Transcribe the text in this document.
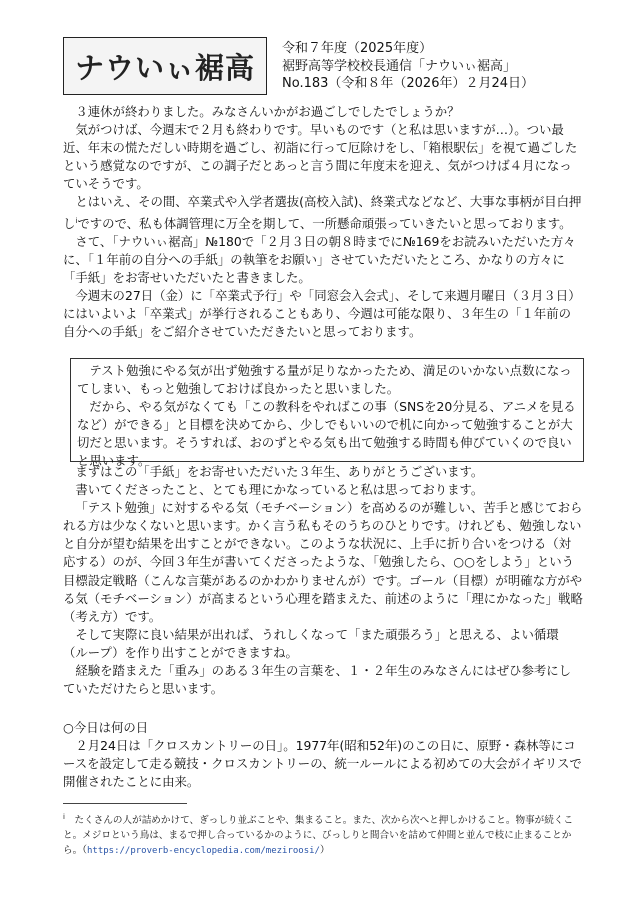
ナウいぃ裾高
令和７年度（2025年度）
裾野高等学校校長通信「ナウいぃ裾高」
No.183（令和８年（2026年）２月24日）

３連休が終わりました。みなさんいかがお過ごしでしたでしょうか？

気がつけば、今週末で２月も終わりです。早いものです（と私は思いますが…）。つい最近、年末の慌ただしい時期を過ごし、初詣に行って厄除けをし、「箱根駅伝」を視て過ごしたという感覚なのですが、この調子だとあっと言う間に年度末を迎え、気がつけば４月になっていそうです。

とはいえ、その間、卒業式や入学者選抜(高校入試)、終業式などなど、大事な事柄が目白押し$^i$ですので、私も体調管理に万全を期して、一所懸命頑張っていきたいと思っております。

さて、「ナウいぃ裾高」№180で「２月３日の朝８時までに№169をお読みいただいた方々に、「１年前の自分への手紙」の執筆をお願い」させていただいたところ、かなりの方々に「手紙」をお寄せいただいたと書きました。

今週末の27日（金）に「卒業式予行」や「同窓会入会式」、そして来週月曜日（３月３日）にはいよいよ「卒業式」が挙行されることもあり、今週は可能な限り、３年生の「１年前の自分への手紙」をご紹介させていただきたいと思っております。

テスト勉強にやる気が出ず勉強する量が足りなかったため、満足のいかない点数になってしまい、もっと勉強しておけば良かったと思いました。

だから、やる気がなくても「この教科をやればこの事（SNSを20分見る、アニメを見るなど）ができる」と目標を決めてから、少しでもいいので机に向かって勉強することが大切だと思います。そうすれば、おのずとやる気も出て勉強する時間も伸びていくので良いと思います。

まずはこの「手紙」をお寄せいただいた３年生、ありがとうございます。

書いてくださったこと、とても理にかなっていると私は思っております。

「テスト勉強」に対するやる気（モチベーション）を高めるのが難しい、苦手と感じておられる方は少なくないと思います。かく言う私もそのうちのひとりです。けれども、勉強しないと自分が望む結果を出すことができない。このような状況に、上手に折り合いをつける（対応する）のが、今回３年生が書いてくださったような、「勉強したら、○○をしよう」という目標設定戦略（こんな言葉があるのかわかりませんが）です。ゴール（目標）が明確な方がやる気（モチベーション）が高まるという心理を踏まえた、前述のように「理にかなった」戦略（考え方）です。

そして実際に良い結果が出れば、うれしくなって「また頑張ろう」と思える、よい循環（ループ）を作り出すことができますね。

経験を踏まえた「重み」のある３年生の言葉を、１・２年生のみなさんにはぜひ参考にしていただけたらと思います。

○今日は何の日

２月24日は「クロスカントリーの日」。1977年(昭和52年)のこの日に、原野・森林等にコースを設定して走る競技・クロスカントリーの、統一ルールによる初めての大会がイギリスで開催されたことに由来。

$^i$　 たくさんの人が詰めかけて、ぎっしり並ぶことや、集まること。また、次から次へと押しかけること。物事が続くこと。メジロという鳥は、まるで押し合っているかのように、びっしりと間合いを詰めて仲間と並んで枝に止まることから。（https://proverb-encyclopedia.com/meziroosi/）
